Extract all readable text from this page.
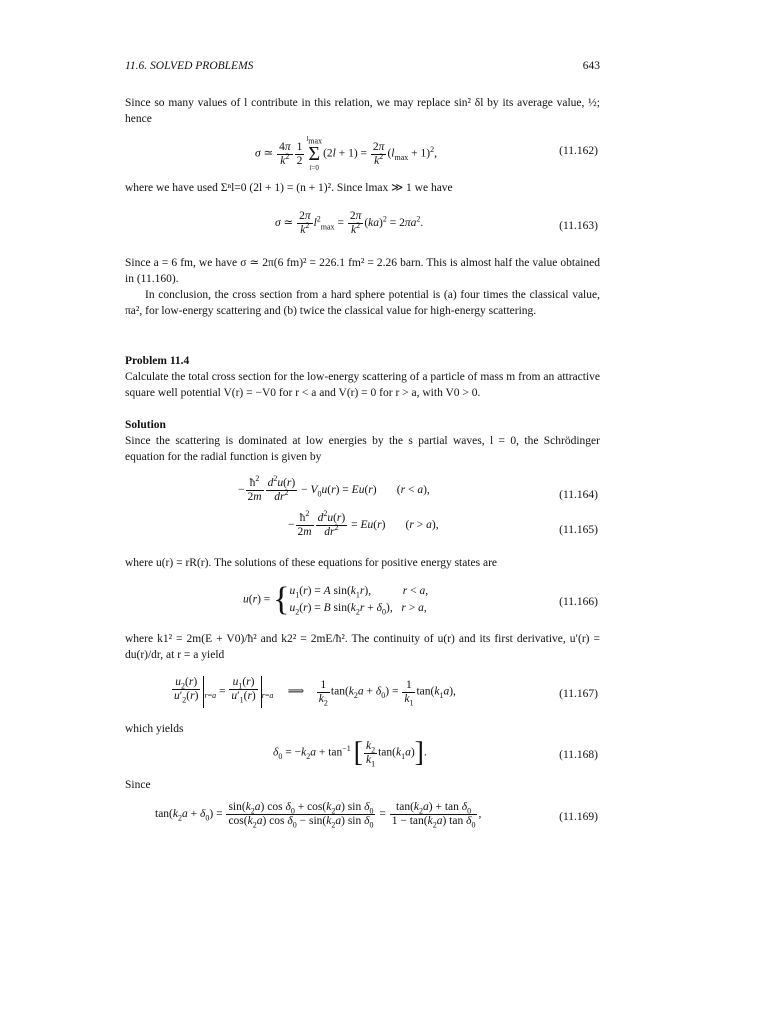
11.6. SOLVED PROBLEMS	643

Since so many values of l contribute in this relation, we may replace sin² δl by its average value, ½; hence

σ ≃ $\frac{4\pi}{k^2} \frac{1}{2}$
$l_{max}$
Σ
$l=0(2l + 1) = \frac{2\pi}{k^2} (l_{max} + 1)^2$,	(11.162)

where we have used Σⁿl=0 (2l + 1) = (n + 1)². Since lmax ≫ 1 we have

σ ≃ $\frac{2\pi}{k^2} l^2_{max} = \frac{2\pi}{k^2} (ka)^2 = 2\pi a^2$.	(11.163)

Since a = 6 fm, we have σ ≃ 2π(6 fm)² = 226.1 fm² = 2.26 barn. This is almost half the value obtained in (11.160).

In conclusion, the cross section from a hard sphere potential is (a) four times the classical value, πa², for low-energy scattering and (b) twice the classical value for high-energy scattering.

Problem 11.4

Calculate the total cross section for the low-energy scattering of a particle of mass m from an attractive square well potential V(r) = −V0 for r < a and V(r) = 0 for r > a, with V0 > 0.

Solution

Since the scattering is dominated at low energies by the s partial waves, l = 0, the Schrödinger equation for the radial function is given by

− $\frac{ħ^2}{2m} \frac{d^2u(r)}{dr^2} - V_0u(r) = Eu(r)$       (r < a),	(11.164)
− $\frac{ħ^2}{2m} \frac{d^2u(r)}{dr^2} = Eu(r)$       (r > a),	(11.165)

where u(r) = rR(r). The solutions of these equations for positive energy states are

$u(r) = \{u_1(r) = A$ $\sin(k_1r)$,           r < a,
$u_2(r) = B$ $\sin(k_2r + \delta_0)$,   r > a,	(11.166)

where k1² = 2m(E + V0)/ħ² and k2² = 2mE/ħ². The continuity of u(r) and its first derivative, u′(r) = du(r)/dr, at r = a yield

$\frac{u_2(r)}{u'_2(r)} _{r=a} = \frac{u_1(r)}{u'_1(r)} _{r=a}$     ⟹ $\frac{1}{k_2} \tan(k_2a + \delta_0) = \frac{1}{k_1} \tan(k_1a)$,	(11.167)

which yields

$\delta_0 = -k_2a + \tan^{-1}$ [ $\frac{k_2}{k_1} \tan(k_1a)$].	(11.168)

Since

$\tan(k_2a + \delta_0) = \frac{\sin(k_2a) \cos \delta_0 + \cos(k_2a) \sin \delta_0}{\cos(k_2a) \cos \delta_0 - \sin(k_2a) \sin \delta_0} = \frac{\tan(k_2a) + \tan \delta_0}{1 - \tan(k_2a) \tan \delta_0}$ ,	(11.169)
